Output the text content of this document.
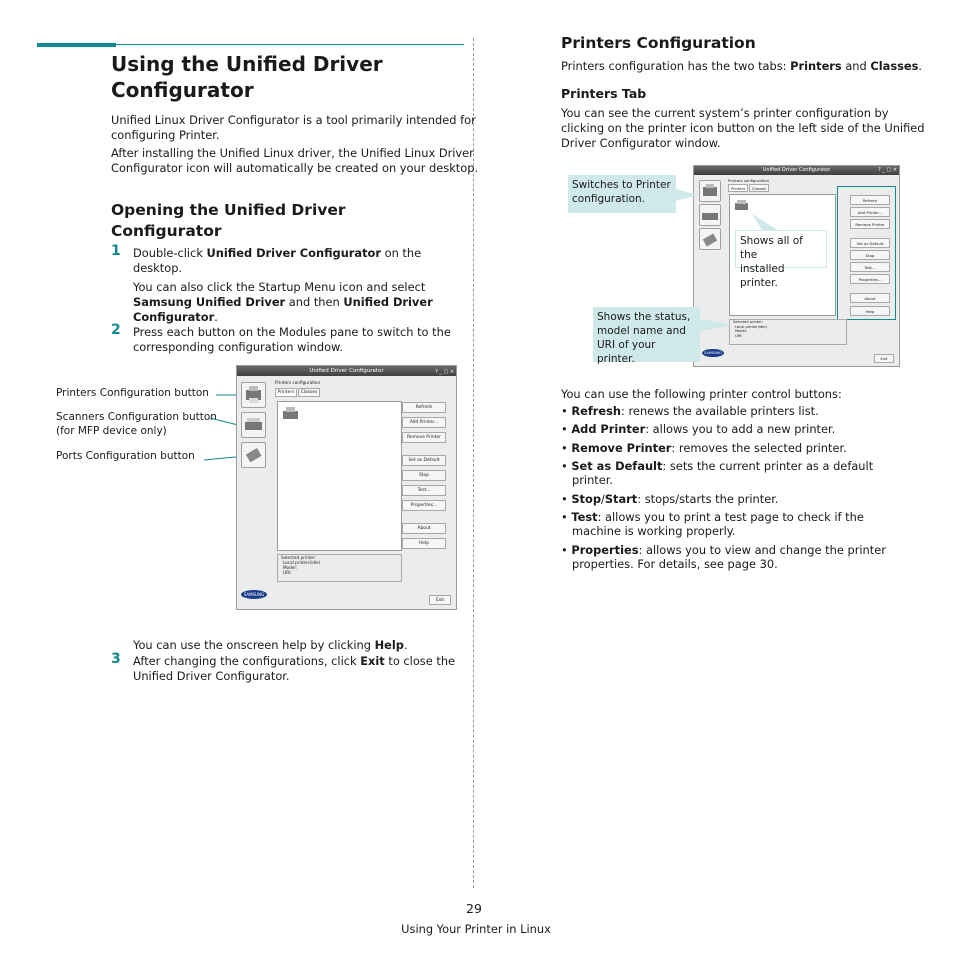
Using the Unified Driver
Configurator
Unified Linux Driver Configurator is a tool primarily intended for
configuring Printer.
After installing the Unified Linux driver, the Unified Linux Driver
Configurator icon will automatically be created on your desktop.
Opening the Unified Driver
Configurator
1 Double-click Unified Driver Configurator on the
desktop.
You can also click the Startup Menu icon and select
Samsung Unified Driver and then Unified Driver
Configurator.
2 Press each button on the Modules pane to switch to the
corresponding configuration window.
Printers Configuration button
Scanners Configuration button
(for MFP device only)
Ports Configuration button
Unified Driver Configurator	? _ □ ×
Printers configuration
Printers	Classes
Refresh
Add Printer...
Remove Printer
Set as Default
Stop
Test...
Properties...
About
Help
Selected printer:
Local printer(idle)
Model:
URI:
SAMSUNG
Exit
You can use the onscreen help by clicking Help.
3 After changing the configurations, click Exit to close the
Unified Driver Configurator.
Printers Configuration
Printers configuration has the two tabs: Printers and Classes.
Printers Tab
You can see the current system’s printer configuration by
clicking on the printer icon button on the left side of the Unified
Driver Configurator window.
Unified Driver Configurator	? _ □ ×
Printers configuration
Printers	Classes
Refresh
Add Printer...
Remove Printer
Set as Default
Stop
Test...
Properties...
About
Help
Selected printer:
Local printer(idle)
Model:
URI:
SAMSUNG
Exit
Switches to Printer
configuration.
Shows all of the
installed printer.
Shows the status,
model name and
URI of your printer.
You can use the following printer control buttons:
• Refresh: renews the available printers list.
• Add Printer: allows you to add a new printer.
• Remove Printer: removes the selected printer.
• Set as Default: sets the current printer as a default
printer.
• Stop/Start: stops/starts the printer.
• Test: allows you to print a test page to check if the
machine is working properly.
• Properties: allows you to view and change the printer
properties. For details, see page 30.
29
Using Your Printer in Linux
